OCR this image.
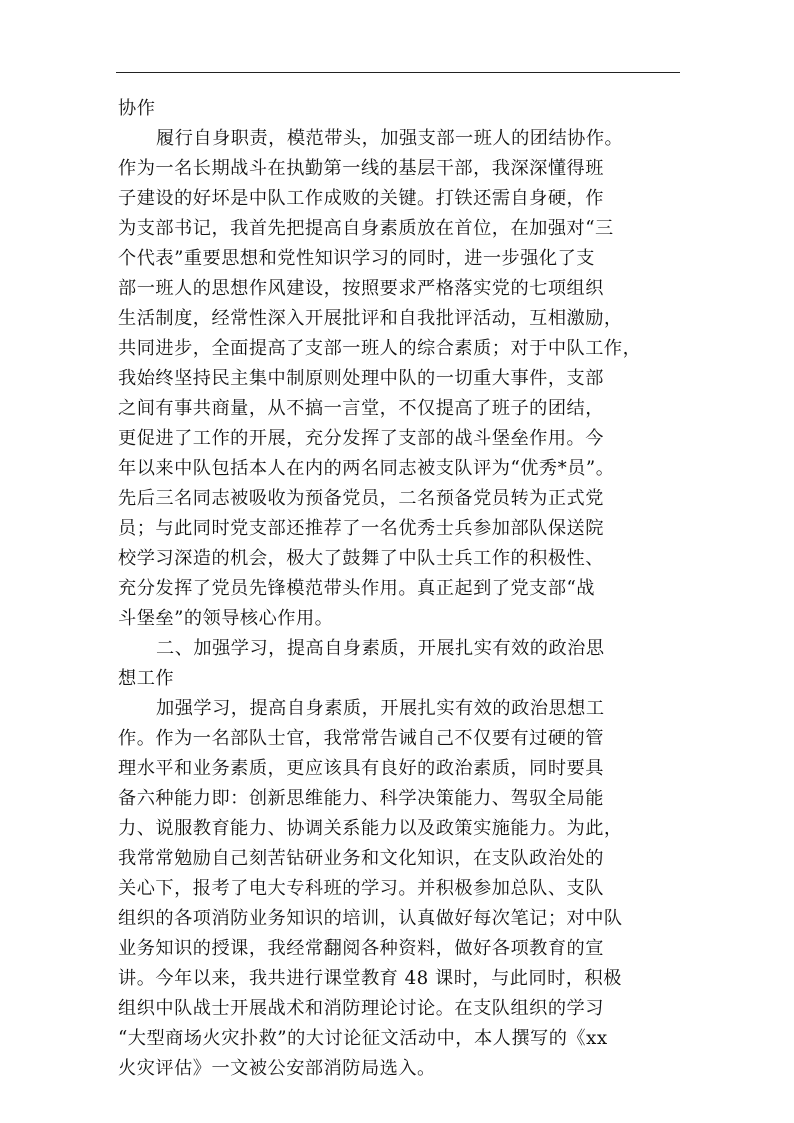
协作
履行自身职责，模范带头，加强支部一班人的团结协作。
作为一名长期战斗在执勤第一线的基层干部，我深深懂得班
子建设的好坏是中队工作成败的关键。打铁还需自身硬，作
为支部书记，我首先把提高自身素质放在首位，在加强对“三
个代表”重要思想和党性知识学习的同时，进一步强化了支
部一班人的思想作风建设，按照要求严格落实党的七项组织
生活制度，经常性深入开展批评和自我批评活动，互相激励，
共同进步，全面提高了支部一班人的综合素质；对于中队工作，
我始终坚持民主集中制原则处理中队的一切重大事件，支部
之间有事共商量，从不搞一言堂，不仅提高了班子的团结，
更促进了工作的开展，充分发挥了支部的战斗堡垒作用。今
年以来中队包括本人在内的两名同志被支队评为“优秀*员”。
先后三名同志被吸收为预备党员，二名预备党员转为正式党
员；与此同时党支部还推荐了一名优秀士兵参加部队保送院
校学习深造的机会，极大了鼓舞了中队士兵工作的积极性、
充分发挥了党员先锋模范带头作用。真正起到了党支部“战
斗堡垒”的领导核心作用。
二、加强学习，提高自身素质，开展扎实有效的政治思
想工作
加强学习，提高自身素质，开展扎实有效的政治思想工
作。作为一名部队士官，我常常告诫自己不仅要有过硬的管
理水平和业务素质，更应该具有良好的政治素质，同时要具
备六种能力即：创新思维能力、科学决策能力、驾驭全局能
力、说服教育能力、协调关系能力以及政策实施能力。为此，
我常常勉励自己刻苦钻研业务和文化知识，在支队政治处的
关心下，报考了电大专科班的学习。并积极参加总队、支队
组织的各项消防业务知识的培训，认真做好每次笔记；对中队
业务知识的授课，我经常翻阅各种资料，做好各项教育的宣
讲。今年以来，我共进行课堂教育 48 课时，与此同时，积极
组织中队战士开展战术和消防理论讨论。在支队组织的学习
“大型商场火灾扑救”的大讨论征文活动中，本人撰写的《xx
火灾评估》一文被公安部消防局选入。
